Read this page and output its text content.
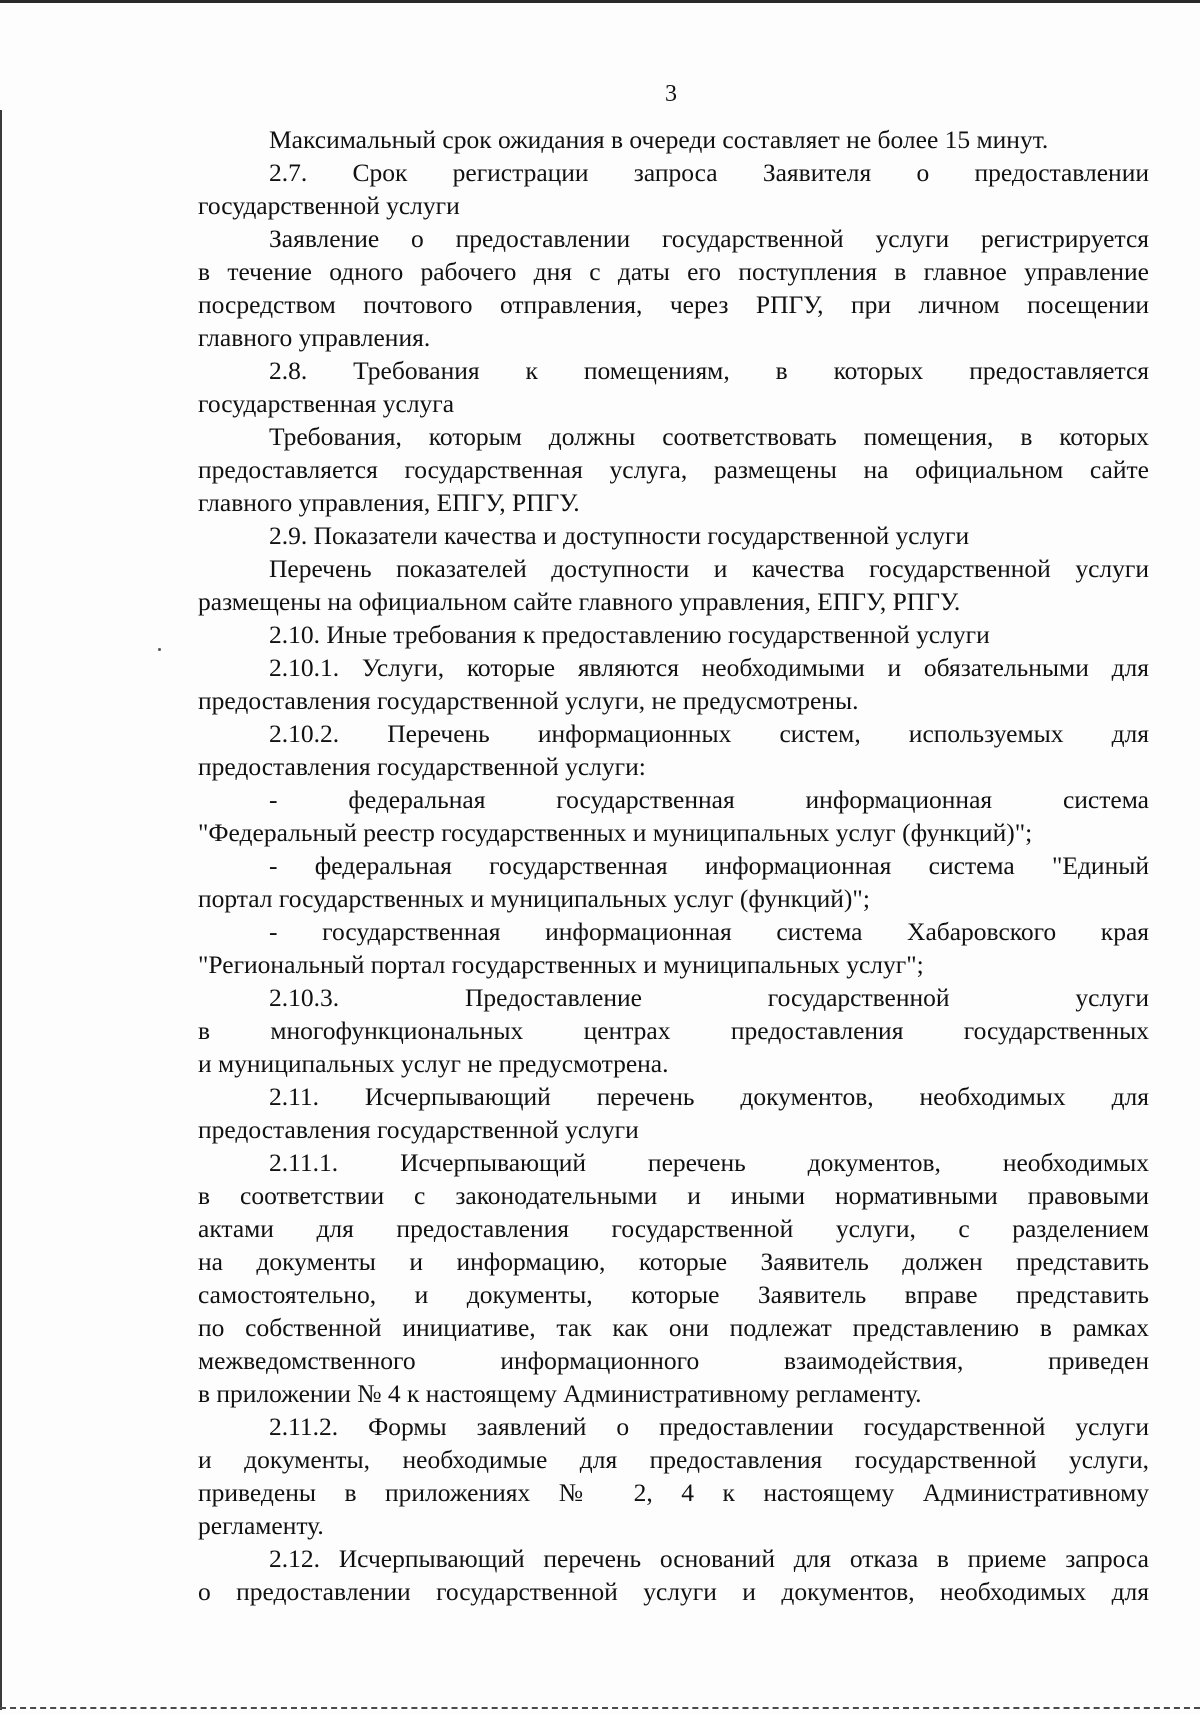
3
Максимальный срок ожидания в очереди составляет не более 15 минут.
2.7. Срок регистрации запроса Заявителя о предоставлении
государственной услуги
Заявление о предоставлении государственной услуги регистрируется
в течение одного рабочего дня с даты его поступления в главное управление
посредством почтового отправления, через РПГУ, при личном посещении
главного управления.
2.8. Требования к помещениям, в которых предоставляется
государственная услуга
Требования, которым должны соответствовать помещения, в которых
предоставляется государственная услуга, размещены на официальном сайте
главного управления, ЕПГУ, РПГУ.
2.9. Показатели качества и доступности государственной услуги
Перечень показателей доступности и качества государственной услуги
размещены на официальном сайте главного управления, ЕПГУ, РПГУ.
2.10. Иные требования к предоставлению государственной услуги
2.10.1. Услуги, которые являются необходимыми и обязательными для
предоставления государственной услуги, не предусмотрены.
2.10.2. Перечень информационных систем, используемых для
предоставления государственной услуги:
- федеральная государственная информационная система
"Федеральный реестр государственных и муниципальных услуг (функций)";
- федеральная государственная информационная система "Единый
портал государственных и муниципальных услуг (функций)";
- государственная информационная система Хабаровского края
"Региональный портал государственных и муниципальных услуг";
2.10.3. Предоставление государственной услуги
в многофункциональных центрах предоставления государственных
и муниципальных услуг не предусмотрена.
2.11. Исчерпывающий перечень документов, необходимых для
предоставления государственной услуги
2.11.1. Исчерпывающий перечень документов, необходимых
в соответствии с законодательными и иными нормативными правовыми
актами для предоставления государственной услуги, с разделением
на документы и информацию, которые Заявитель должен представить
самостоятельно, и документы, которые Заявитель вправе представить
по собственной инициативе, так как они подлежат представлению в рамках
межведомственного информационного взаимодействия, приведен
в приложении № 4 к настоящему Административному регламенту.
2.11.2. Формы заявлений о предоставлении государственной услуги
и документы, необходимые для предоставления государственной услуги,
приведены в приложениях № 2, 4 к настоящему Административному
регламенту.
2.12. Исчерпывающий перечень оснований для отказа в приеме запроса
о предоставлении государственной услуги и документов, необходимых для
